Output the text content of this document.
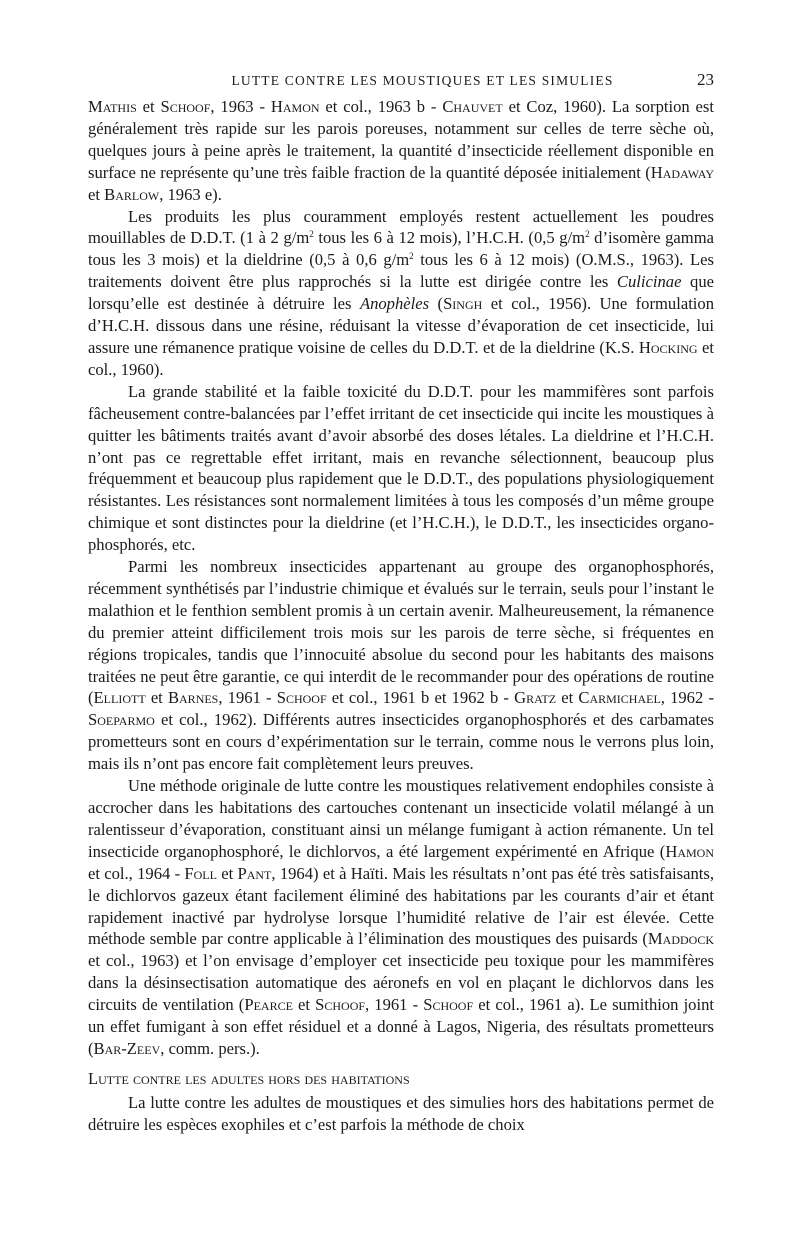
LUTTE CONTRE LES MOUSTIQUES ET LES SIMULIES	23

Mathis et Schoof, 1963 - Hamon et col., 1963 b - Chauvet et Coz, 1960). La sorption est généralement très rapide sur les parois poreuses, notamment sur celles de terre sèche où, quelques jours à peine après le traitement, la quantité d’insecticide réellement disponible en surface ne représente qu’une très faible fraction de la quantité déposée initialement (Hadaway et Barlow, 1963 e).

Les produits les plus couramment employés restent actuellement les poudres mouillables de D.D.T. (1 à 2 $g/m^2$ tous les 6 à 12 mois), l’H.C.H. (0,5 $g/m^2$ d’isomère gamma tous les 3 mois) et la dieldrine (0,5 à 0,6 $g/m^2$ tous les 6 à 12 mois) (O.M.S., 1963). Les traitements doivent être plus rapprochés si la lutte est dirigée contre les Culicinae que lorsqu’elle est destinée à détruire les Anophèles (Singh et col., 1956). Une formulation d’H.C.H. dissous dans une résine, réduisant la vitesse d’évaporation de cet insecticide, lui assure une rémanence pratique voisine de celles du D.D.T. et de la dieldrine (K.S. Hocking et col., 1960).

La grande stabilité et la faible toxicité du D.D.T. pour les mammifères sont parfois fâcheusement contre-balancées par l’effet irritant de cet insecticide qui incite les moustiques à quitter les bâtiments traités avant d’avoir absorbé des doses létales. La dieldrine et l’H.C.H. n’ont pas ce regrettable effet irritant, mais en revanche sélectionnent, beaucoup plus fréquemment et beaucoup plus rapidement que le D.D.T., des populations physiologiquement résistantes. Les résistances sont normalement limitées à tous les composés d’un même groupe chimique et sont distinctes pour la dieldrine (et l’H.C.H.), le D.D.T., les insecticides organo-phosphorés, etc.

Parmi les nombreux insecticides appartenant au groupe des organophosphorés, récemment synthétisés par l’industrie chimique et évalués sur le terrain, seuls pour l’instant le malathion et le fenthion semblent promis à un certain avenir. Malheureusement, la rémanence du premier atteint difficilement trois mois sur les parois de terre sèche, si fréquentes en régions tropicales, tandis que l’innocuité absolue du second pour les habitants des maisons traitées ne peut être garantie, ce qui interdit de le recommander pour des opérations de routine (Elliott et Barnes, 1961 - Schoof et col., 1961 b et 1962 b - Gratz et Carmichael, 1962 - Soeparmo et col., 1962). Différents autres insecticides organophosphorés et des carbamates prometteurs sont en cours d’expérimentation sur le terrain, comme nous le verrons plus loin, mais ils n’ont pas encore fait complètement leurs preuves.

Une méthode originale de lutte contre les moustiques relativement endophiles consiste à accrocher dans les habitations des cartouches contenant un insecticide volatil mélangé à un ralentisseur d’évaporation, constituant ainsi un mélange fumigant à action rémanente. Un tel insecticide organophosphoré, le dichlorvos, a été largement expérimenté en Afrique (Hamon et col., 1964 - Foll et Pant, 1964) et à Haïti. Mais les résultats n’ont pas été très satisfaisants, le dichlorvos gazeux étant facilement éliminé des habitations par les courants d’air et étant rapidement inactivé par hydrolyse lorsque l’humidité relative de l’air est élevée. Cette méthode semble par contre applicable à l’élimination des moustiques des puisards (Maddock et col., 1963) et l’on envisage d’employer cet insecticide peu toxique pour les mammifères dans la désinsectisation automatique des aéronefs en vol en plaçant le dichlorvos dans les circuits de ventilation (Pearce et Schoof, 1961 - Schoof et col., 1961 a). Le sumithion joint un effet fumigant à son effet résiduel et a donné à Lagos, Nigeria, des résultats prometteurs (Bar-Zeev, comm. pers.).

Lutte contre les adultes hors des habitations

La lutte contre les adultes de moustiques et des simulies hors des habitations permet de détruire les espèces exophiles et c’est parfois la méthode de choix
